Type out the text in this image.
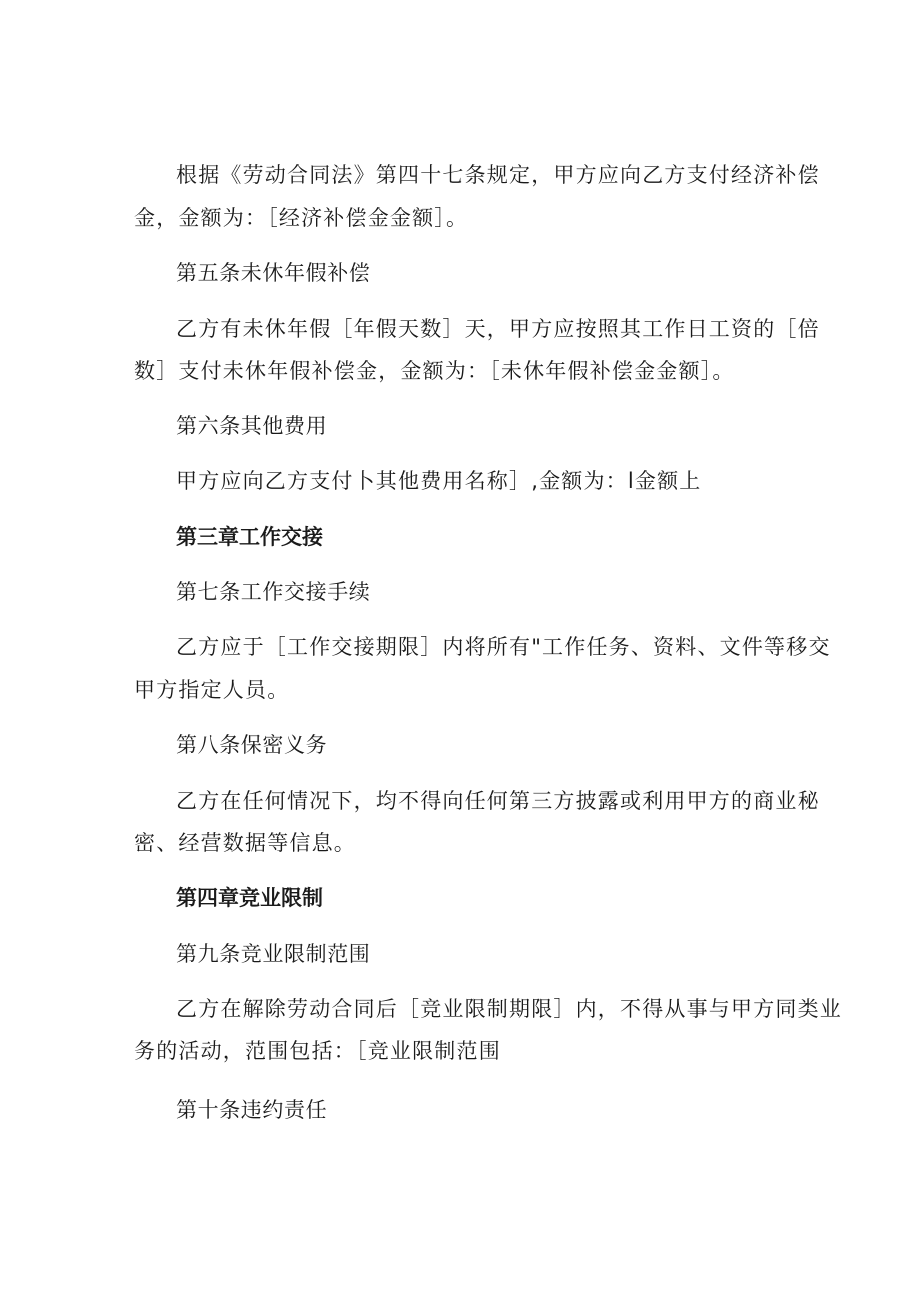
根据《劳动合同法》第四十七条规定，甲方应向乙方支付经济补偿
金，金额为：［经济补偿金金额］。
第五条未休年假补偿
乙方有未休年假［年假天数］天，甲方应按照其工作日工资的［倍
数］支付未休年假补偿金，金额为：［未休年假补偿金金额］。
第六条其他费用
甲方应向乙方支付卜其他费用名称］,金额为：l金额上
第三章工作交接
第七条工作交接手续
乙方应于［工作交接期限］内将所有"工作任务、资料、文件等移交
甲方指定人员。
第八条保密义务
乙方在任何情况下，均不得向任何第三方披露或利用甲方的商业秘
密、经营数据等信息。
第四章竞业限制
第九条竞业限制范围
乙方在解除劳动合同后［竞业限制期限］内，不得从事与甲方同类业
务的活动，范围包括：［竞业限制范围
第十条违约责任
